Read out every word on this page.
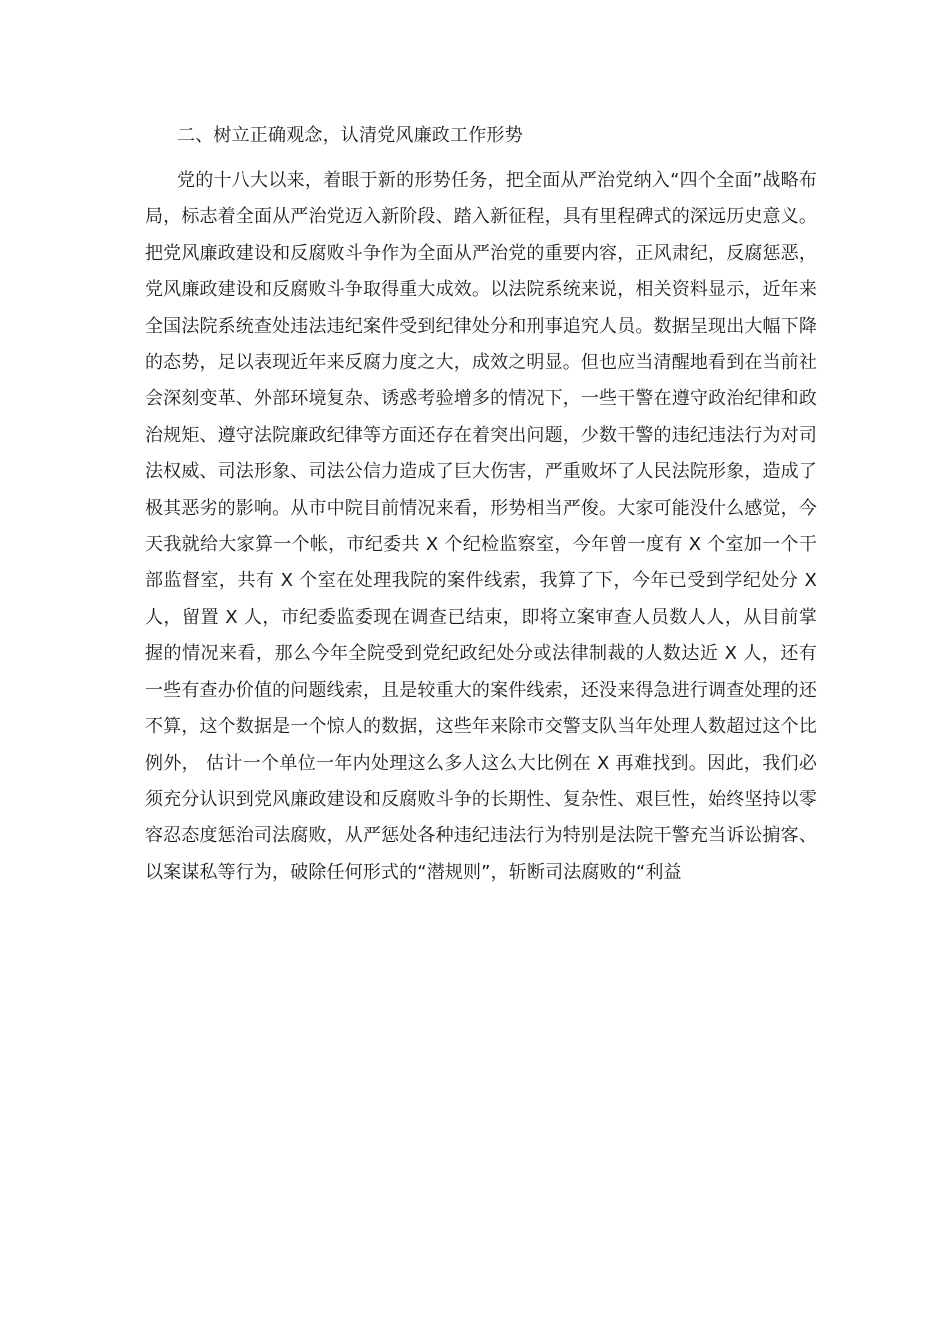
二、树立正确观念，认清党风廉政工作形势

党的十八大以来，着眼于新的形势任务，把全面从严治党纳入“四个全面”战略布局，标志着全面从严治党迈入新阶段、踏入新征程，具有里程碑式的深远历史意义。把党风廉政建设和反腐败斗争作为全面从严治党的重要内容，正风肃纪，反腐惩恶，党风廉政建设和反腐败斗争取得重大成效。以法院系统来说，相关资料显示，近年来全国法院系统查处违法违纪案件受到纪律处分和刑事追究人员。数据呈现出大幅下降的态势，足以表现近年来反腐力度之大，成效之明显。但也应当清醒地看到在当前社会深刻变革、外部环境复杂、诱惑考验增多的情况下，一些干警在遵守政治纪律和政治规矩、遵守法院廉政纪律等方面还存在着突出问题，少数干警的违纪违法行为对司法权威、司法形象、司法公信力造成了巨大伤害，严重败坏了人民法院形象，造成了极其恶劣的影响。从市中院目前情况来看，形势相当严俊。大家可能没什么感觉，今天我就给大家算一个帐，市纪委共 X 个纪检监察室，今年曾一度有 X 个室加一个干部监督室，共有 X 个室在处理我院的案件线索，我算了下，今年已受到学纪处分 X 人，留置 X 人，市纪委监委现在调查已结束，即将立案审查人员数人人，从目前掌握的情况来看，那么今年全院受到党纪政纪处分或法律制裁的人数达近 X 人，还有一些有查办价值的问题线索，且是较重大的案件线索，还没来得急进行调查处理的还不算，这个数据是一个惊人的数据，这些年来除市交警支队当年处理人数超过这个比例外， 估计一个单位一年内处理这么多人这么大比例在 X 再难找到。因此，我们必须充分认识到党风廉政建设和反腐败斗争的长期性、复杂性、艰巨性，始终坚持以零容忍态度惩治司法腐败，从严惩处各种违纪违法行为特别是法院干警充当诉讼掮客、以案谋私等行为，破除任何形式的“潜规则”，斩断司法腐败的“利益
